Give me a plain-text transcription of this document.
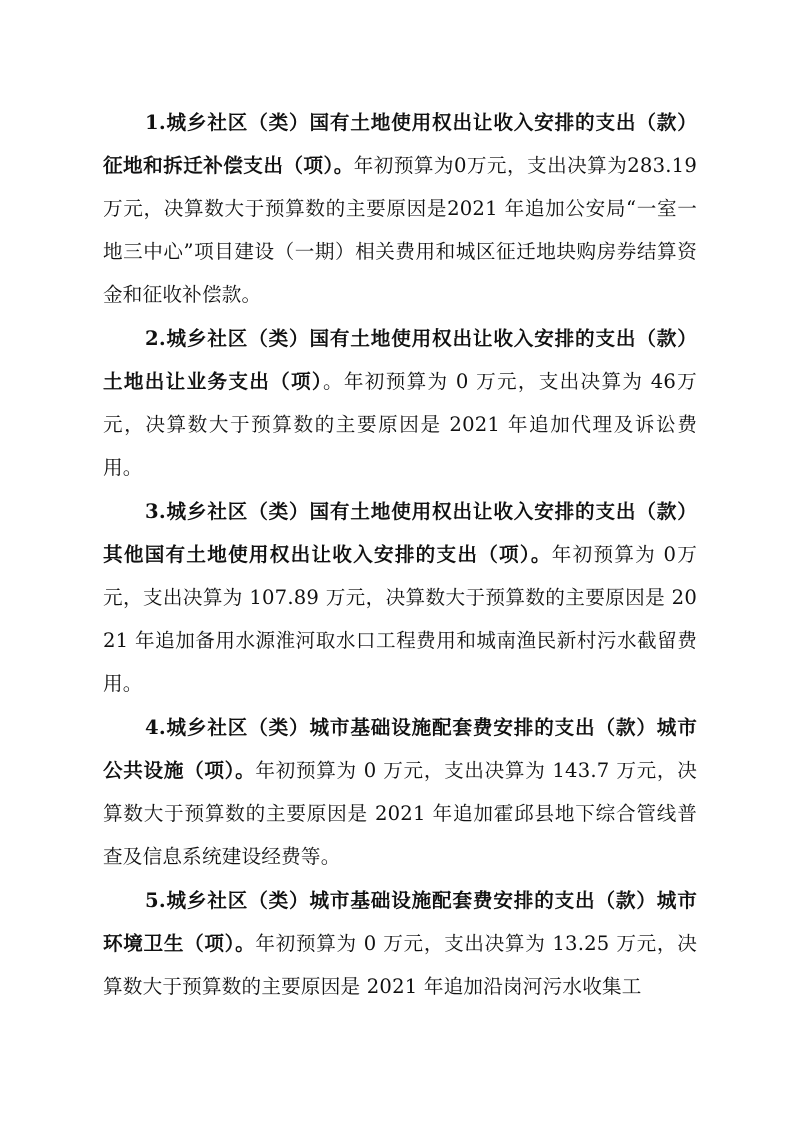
1.城乡社区（类）国有土地使用权出让收入安排的支出（款）征地和拆迁补偿支出（项）。年初预算为0万元，支出决算为283.19万元，决算数大于预算数的主要原因是2021 年追加公安局“一室一地三中心”项目建设（一期）相关费用和城区征迁地块购房券结算资金和征收补偿款。

2.城乡社区（类）国有土地使用权出让收入安排的支出（款）土地出让业务支出（项）。年初预算为 0 万元，支出决算为 46万元，决算数大于预算数的主要原因是 2021 年追加代理及诉讼费用。

3.城乡社区（类）国有土地使用权出让收入安排的支出（款）其他国有土地使用权出让收入安排的支出（项）。年初预算为 0万元，支出决算为 107.89 万元，决算数大于预算数的主要原因是 2021 年追加备用水源淮河取水口工程费用和城南渔民新村污水截留费用。

4.城乡社区（类）城市基础设施配套费安排的支出（款）城市公共设施（项）。年初预算为 0 万元，支出决算为 143.7 万元，决算数大于预算数的主要原因是 2021 年追加霍邱县地下综合管线普查及信息系统建设经费等。

5.城乡社区（类）城市基础设施配套费安排的支出（款）城市环境卫生（项）。年初预算为 0 万元，支出决算为 13.25 万元，决算数大于预算数的主要原因是 2021 年追加沿岗河污水收集工
